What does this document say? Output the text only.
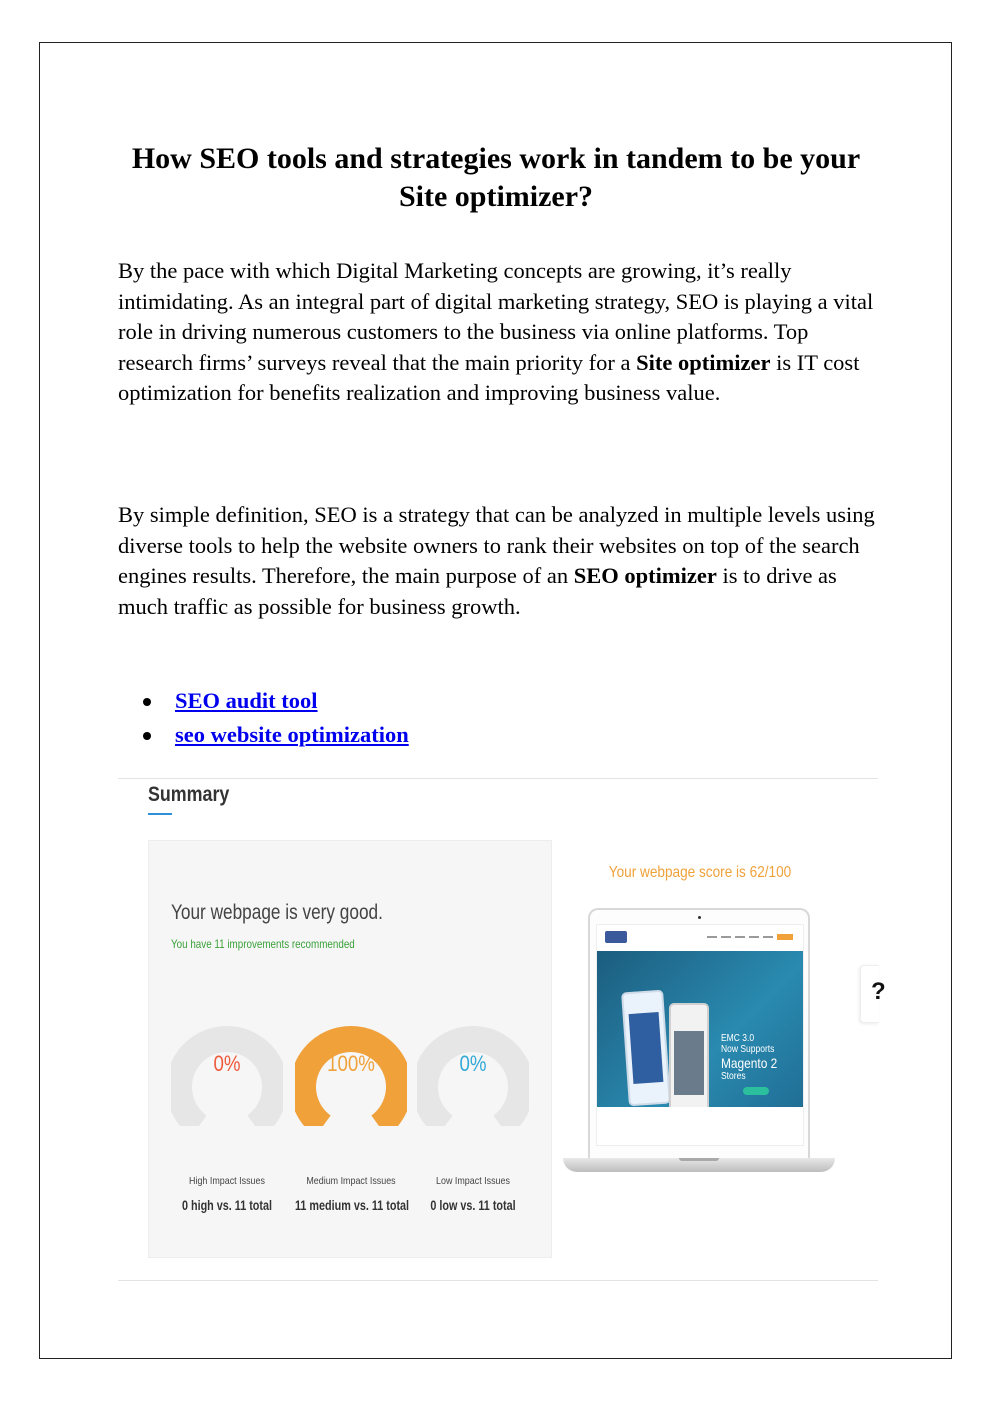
How SEO tools and strategies work in tandem to be your Site optimizer?
By the pace with which Digital Marketing concepts are growing, it’s really intimidating. As an integral part of digital marketing strategy, SEO is playing a vital role in driving numerous customers to the business via online platforms. Top research firms’ surveys reveal that the main priority for a Site optimizer is IT cost optimization for benefits realization and improving business value.
By simple definition, SEO is a strategy that can be analyzed in multiple levels using diverse tools to help the website owners to rank their websites on top of the search engines results. Therefore, the main purpose of an SEO optimizer is to drive as much traffic as possible for business growth.
SEO audit tool
seo website optimization
Summary
Your webpage is very good.
You have 11 improvements recommended
0%
High Impact Issues
0 high vs. 11 total
100%
Medium Impact Issues
11 medium vs. 11 total
0%
Low Impact Issues
0 low vs. 11 total
Your webpage score is 62/100
EMC 3.0
Now Supports
Magento 2
Stores
?
